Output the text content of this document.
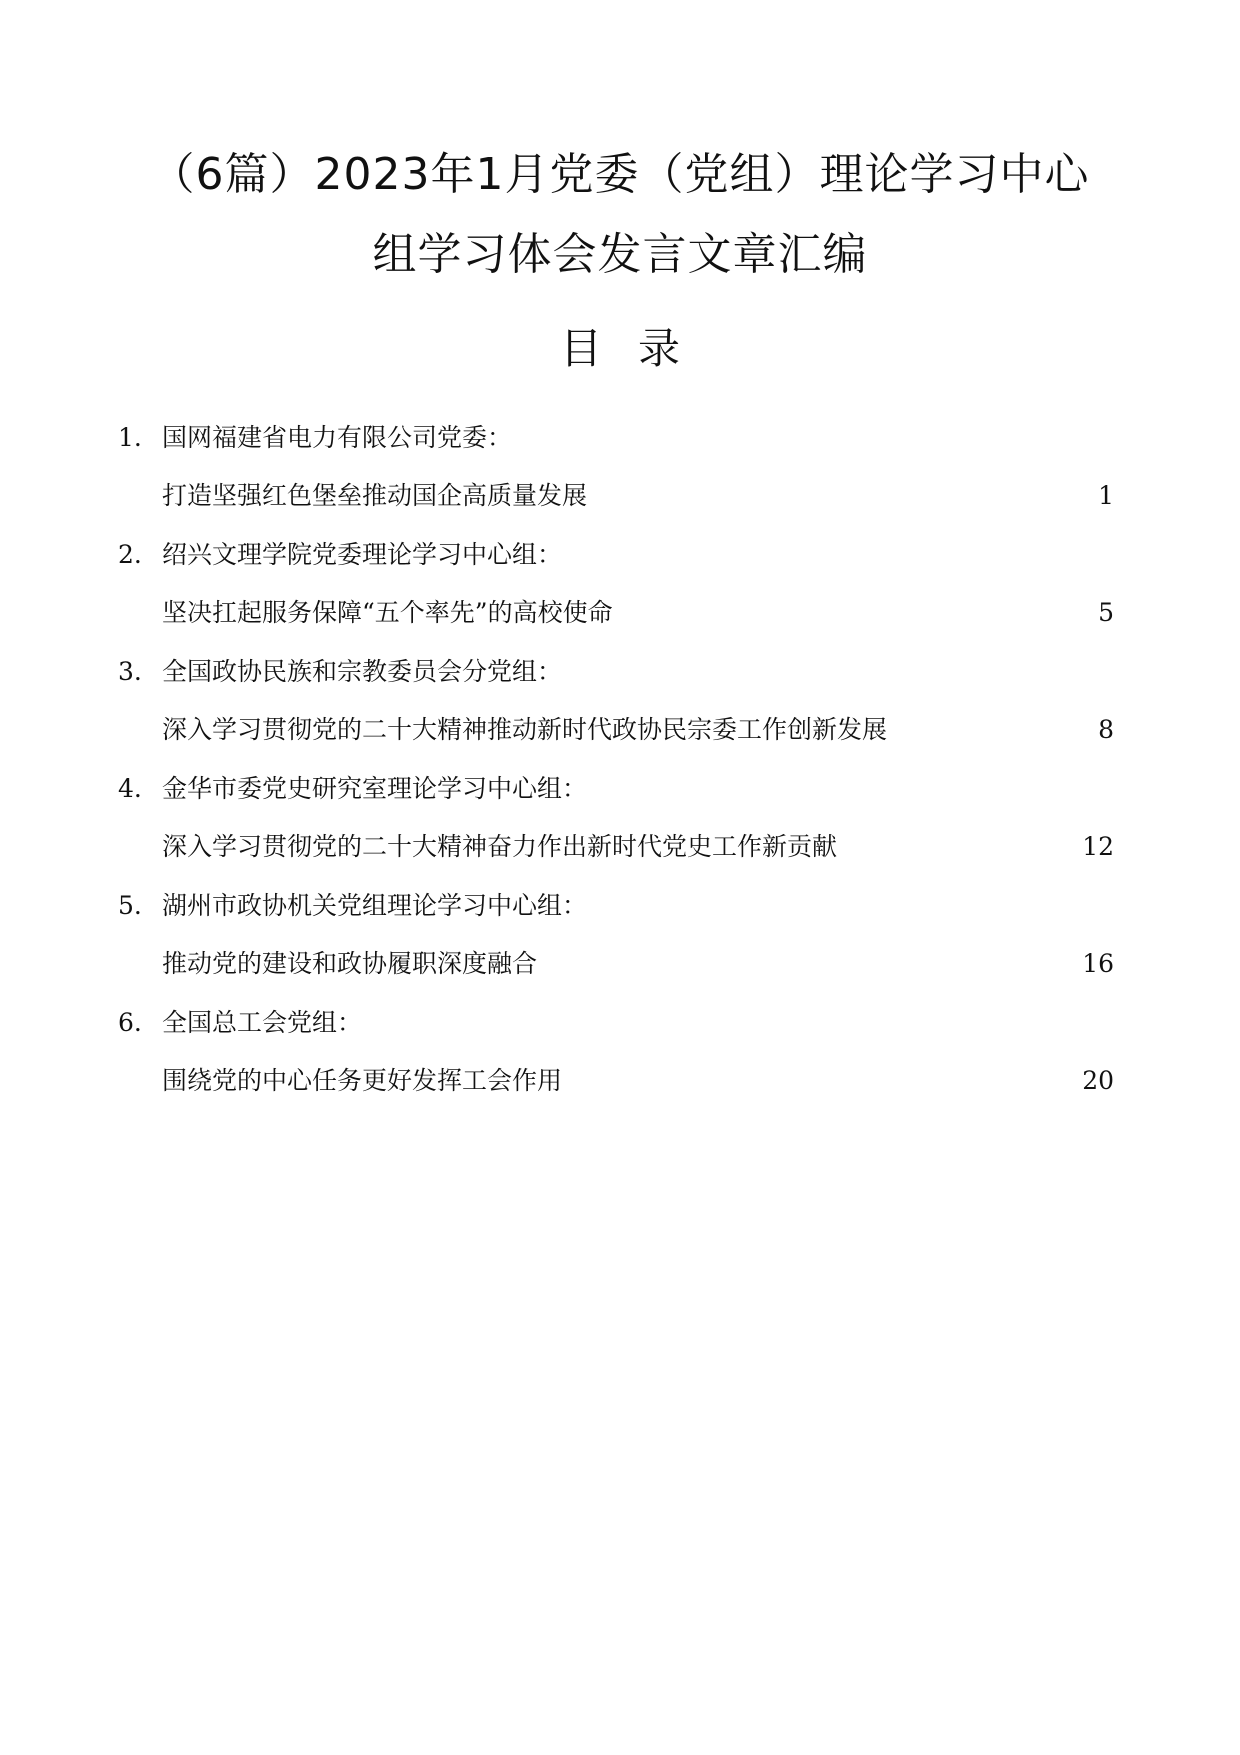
（6篇）2023年1月党委（党组）理论学习中心
组学习体会发言文章汇编
目录
1. 国网福建省电力有限公司党委：
打造坚强红色堡垒推动国企高质量发展	1
2. 绍兴文理学院党委理论学习中心组：
坚决扛起服务保障“五个率先”的高校使命	5
3. 全国政协民族和宗教委员会分党组：
深入学习贯彻党的二十大精神推动新时代政协民宗委工作创新发展	8
4. 金华市委党史研究室理论学习中心组：
深入学习贯彻党的二十大精神奋力作出新时代党史工作新贡献	12
5. 湖州市政协机关党组理论学习中心组：
推动党的建设和政协履职深度融合	16
6. 全国总工会党组：
围绕党的中心任务更好发挥工会作用	20
